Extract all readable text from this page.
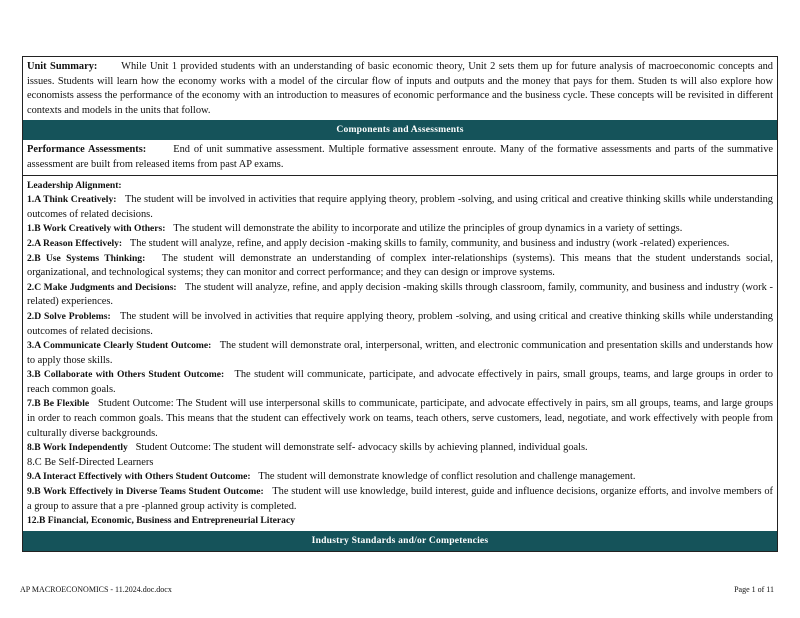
Unit Summary: While Unit 1 provided students with an understanding of basic economic theory, Unit 2 sets them up for future analysis of macroeconomic concepts and issues. Students will learn how the economy works with a model of the circular flow of inputs and outputs and the money that pays for them. Studen ts will also explore how economists assess the performance of the economy with an introduction to measures of economic performance and the business cycle. These concepts will be revisited in different contexts and models in the units that follow.
Components and Assessments
Performance Assessments:	End of unit summative assessment. Multiple formative assessment enroute. Many of the formative assessments and parts of the summative assessment are built from released items from past AP exams.
Leadership Alignment:
1.A Think Creatively: The student will be involved in activities that require applying theory, problem -solving, and using critical and creative thinking skills while understanding outcomes of related decisions.
1.B Work Creatively with Others: The student will demonstrate the ability to incorporate and utilize the principles of group dynamics in a variety of settings.
2.A Reason Effectively: The student will analyze, refine, and apply decision -making skills to family, community, and business and industry (work -related) experiences.
2.B Use Systems Thinking: The student will demonstrate an understanding of complex inter-relationships (systems). This means that the student understands social, organizational, and technological systems; they can monitor and correct performance; and they can design or improve systems.
2.C Make Judgments and Decisions: The student will analyze, refine, and apply decision -making skills through classroom, family, community, and business and industry (work -related) experiences.
2.D Solve Problems: The student will be involved in activities that require applying theory, problem -solving, and using critical and creative thinking skills while understanding outcomes of related decisions.
3.A Communicate Clearly Student Outcome: The student will demonstrate oral, interpersonal, written, and electronic communication and presentation skills and understands how to apply those skills.
3.B Collaborate with Others Student Outcome: The student will communicate, participate, and advocate effectively in pairs, small groups, teams, and large groups in order to reach common goals.
7.B Be Flexible Student Outcome: The Student will use interpersonal skills to communicate, participate, and advocate effectively in pairs, sm all groups, teams, and large groups in order to reach common goals. This means that the student can effectively work on teams, teach others, serve customers, lead, negotiate, and work effectively with people from culturally diverse backgrounds.
8.B Work Independently Student Outcome: The student will demonstrate self- advocacy skills by achieving planned, individual goals.
8.C Be Self-Directed Learners
9.A Interact Effectively with Others Student Outcome: The student will demonstrate knowledge of conflict resolution and challenge management.
9.B Work Effectively in Diverse Teams Student Outcome: The student will use knowledge, build interest, guide and influence decisions, organize efforts, and involve members of a group to assure that a pre -planned group activity is completed.
12.B Financial, Economic, Business and Entrepreneurial Literacy
Industry Standards and/or Competencies
AP MACROECONOMICS - 11.2024.doc.docx	Page 1 of 11
